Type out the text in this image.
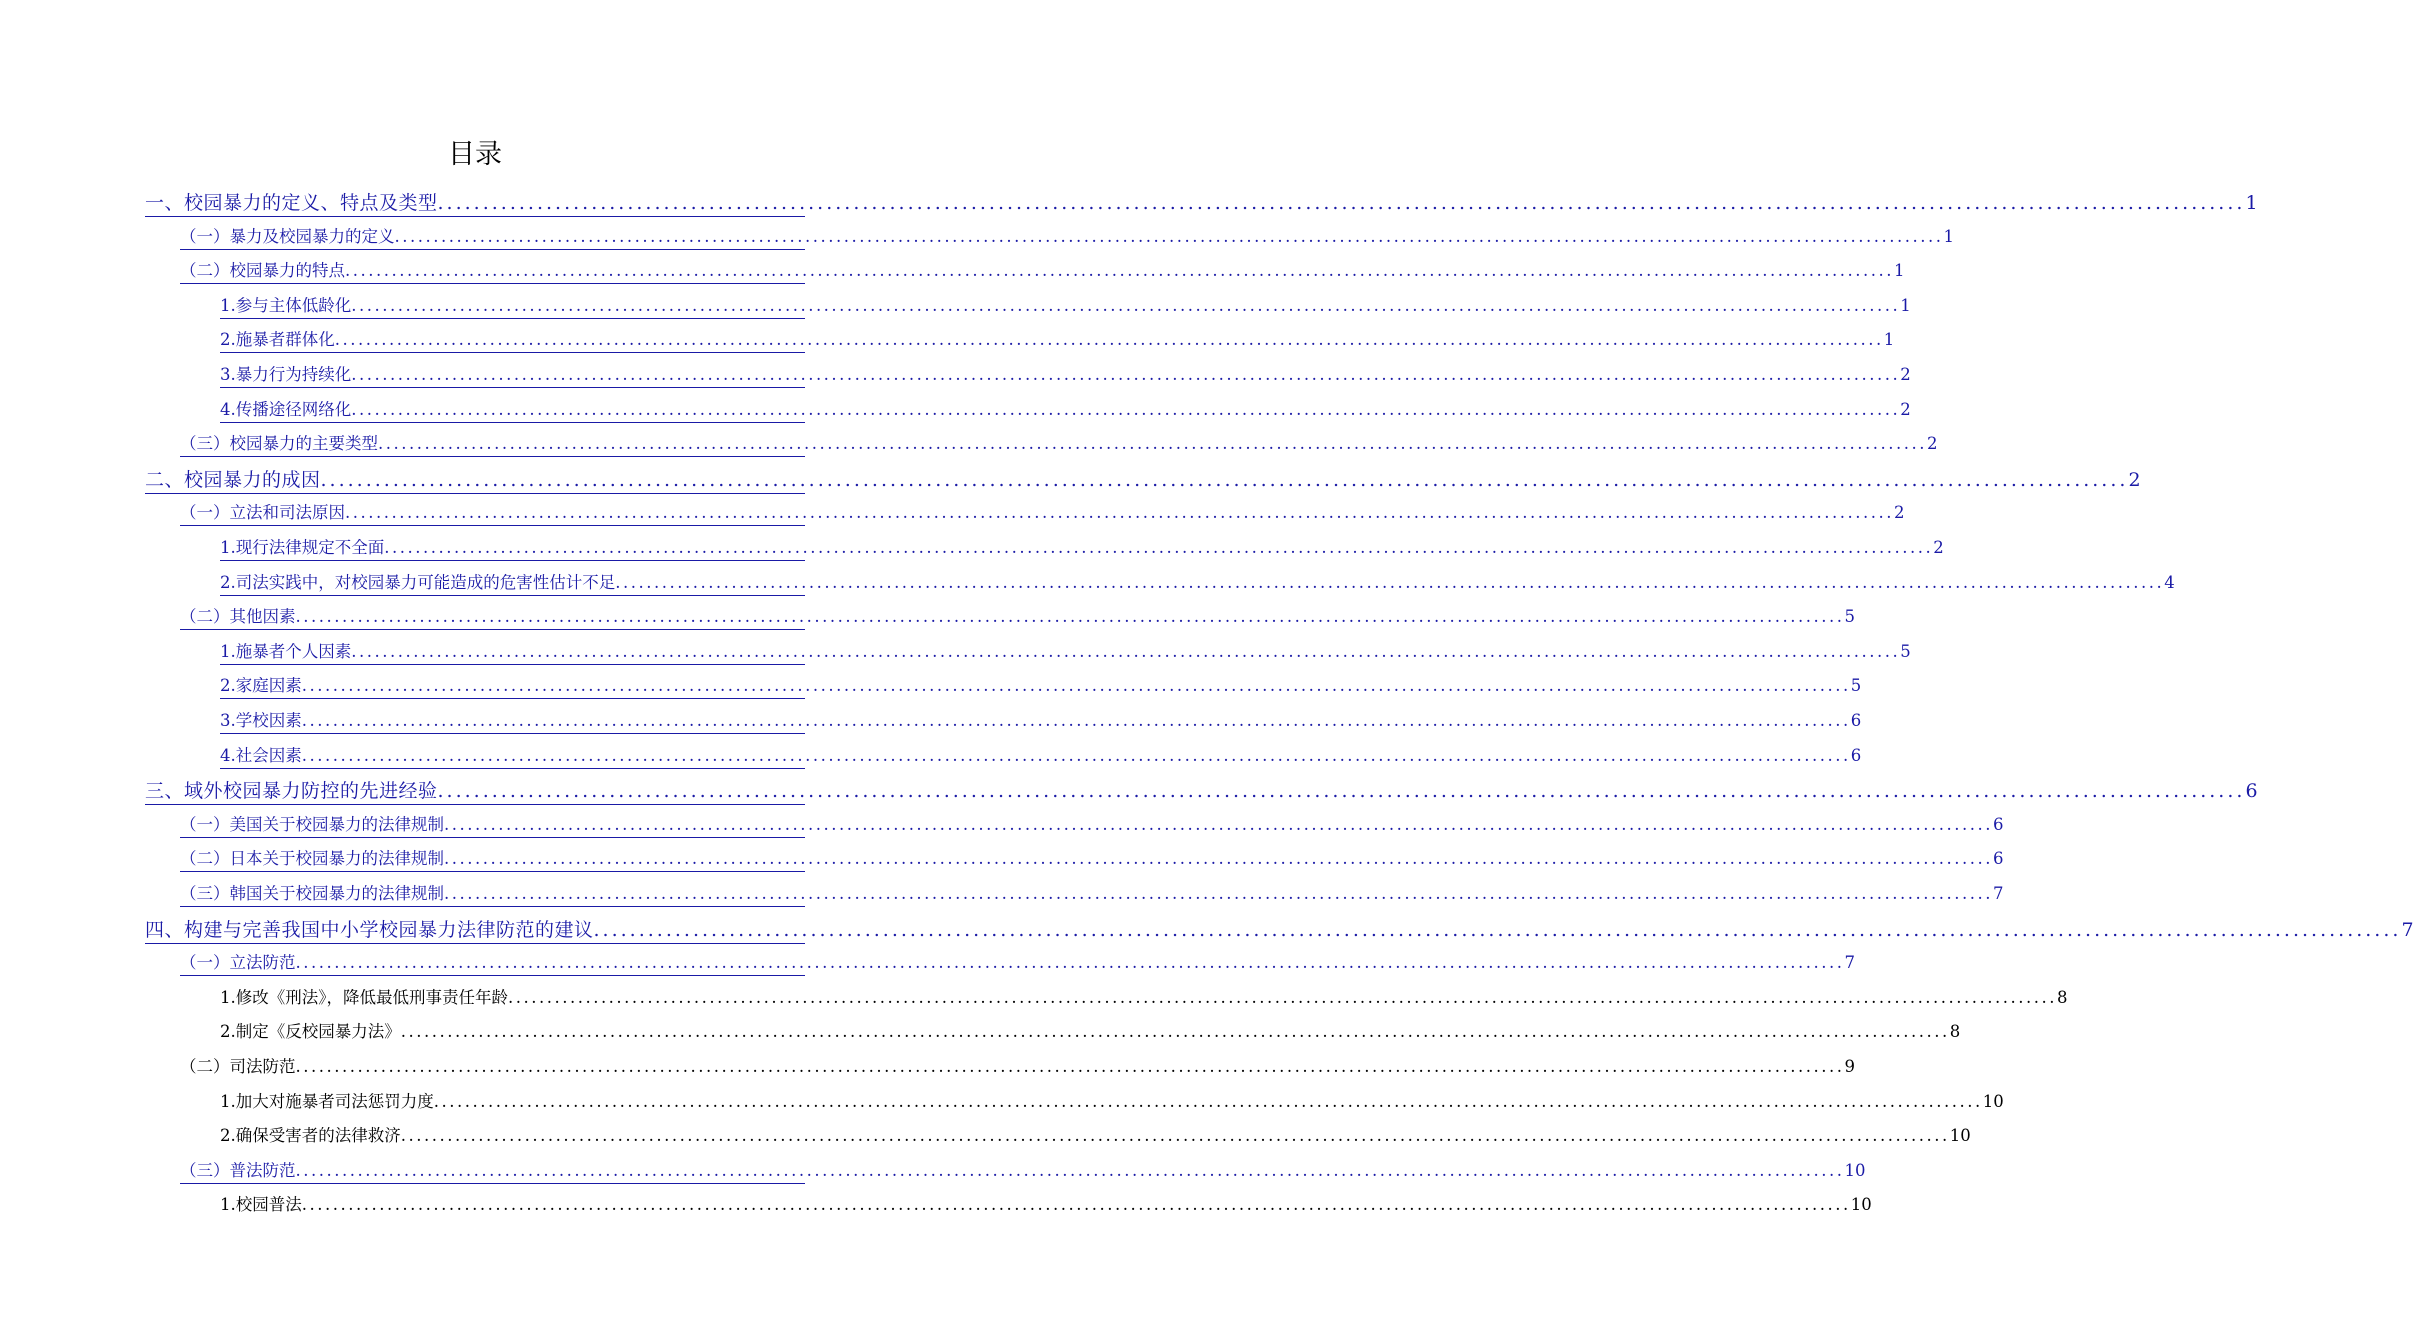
目录
一、校园暴力的定义、特点及类型 ........................................................................................................................................................................................................ 1
（一）暴力及校园暴力的定义 ........................................................................................................................................................................................................ 1
（二）校园暴力的特点 ........................................................................................................................................................................................................ 1
1.参与主体低龄化 ........................................................................................................................................................................................................ 1
2.施暴者群体化 ........................................................................................................................................................................................................ 1
3.暴力行为持续化 ........................................................................................................................................................................................................ 2
4.传播途径网络化 ........................................................................................................................................................................................................ 2
（三）校园暴力的主要类型 ........................................................................................................................................................................................................ 2
二、校园暴力的成因 ........................................................................................................................................................................................................ 2
（一）立法和司法原因 ........................................................................................................................................................................................................ 2
1.现行法律规定不全面 ........................................................................................................................................................................................................ 2
2.司法实践中，对校园暴力可能造成的危害性估计不足 ........................................................................................................................................................................................................ 4
（二）其他因素 ........................................................................................................................................................................................................ 5
1.施暴者个人因素 ........................................................................................................................................................................................................ 5
2.家庭因素 ........................................................................................................................................................................................................ 5
3.学校因素 ........................................................................................................................................................................................................ 6
4.社会因素 ........................................................................................................................................................................................................ 6
三、域外校园暴力防控的先进经验 ........................................................................................................................................................................................................ 6
（一）美国关于校园暴力的法律规制 ........................................................................................................................................................................................................ 6
（二）日本关于校园暴力的法律规制 ........................................................................................................................................................................................................ 6
（三）韩国关于校园暴力的法律规制 ........................................................................................................................................................................................................ 7
四、构建与完善我国中小学校园暴力法律防范的建议 ........................................................................................................................................................................................................ 7
（一）立法防范 ........................................................................................................................................................................................................ 7
1.修改《刑法》，降低最低刑事责任年龄 ........................................................................................................................................................................................................ 8
2.制定《反校园暴力法》 ........................................................................................................................................................................................................ 8
（二）司法防范 ........................................................................................................................................................................................................ 9
1.加大对施暴者司法惩罚力度 ........................................................................................................................................................................................................ 10
2.确保受害者的法律救济 ........................................................................................................................................................................................................ 10
（三）普法防范 ........................................................................................................................................................................................................ 10
1.校园普法 ........................................................................................................................................................................................................ 10
